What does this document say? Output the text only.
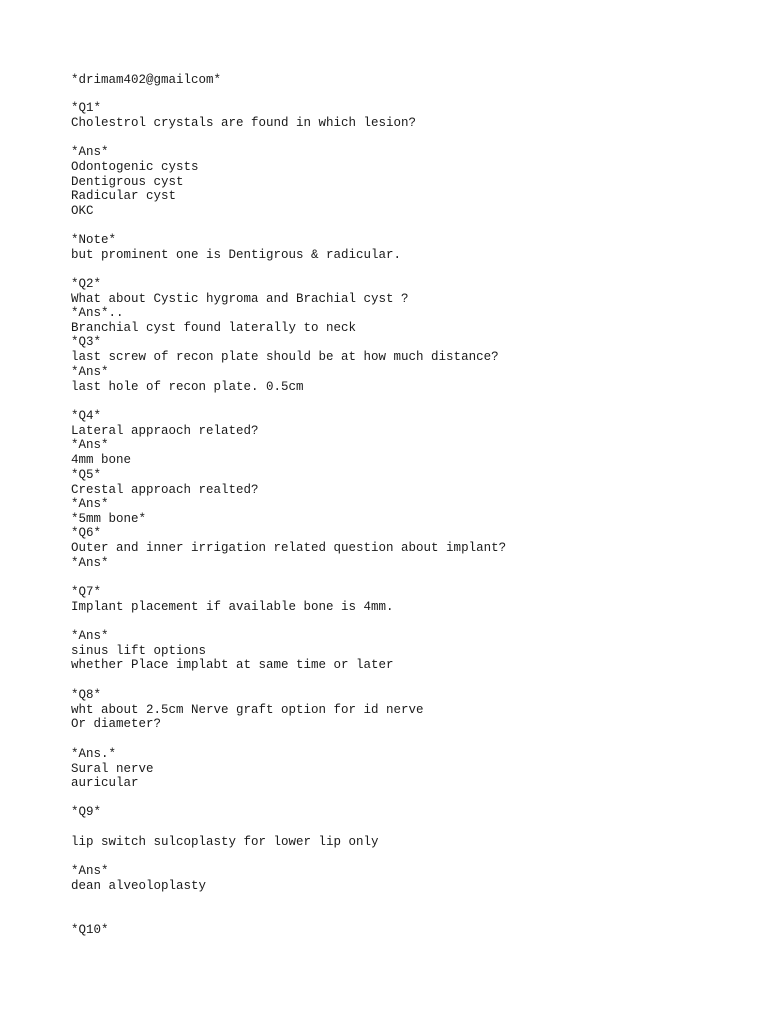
*drimam402@gmailcom*
*Q1*
Cholestrol crystals are found in which lesion?
*Ans*
Odontogenic cysts
Dentigrous cyst
Radicular cyst
OKC
*Note*
but prominent one is Dentigrous & radicular.
*Q2*
What about Cystic hygroma and Brachial cyst ?
*Ans*..
Branchial cyst found laterally to neck
*Q3*
last screw of recon plate should be at how much distance?
*Ans*
last hole of recon plate. 0.5cm
*Q4*
Lateral appraoch related?
*Ans*
4mm bone
*Q5*
Crestal approach realted?
*Ans*
*5mm bone*
*Q6*
Outer and inner irrigation related question about implant?
*Ans*
*Q7*
Implant placement if available bone is 4mm.
*Ans*
sinus lift options
whether Place implabt at same time or later
*Q8*
wht about 2.5cm Nerve graft option for id nerve
Or diameter?
*Ans.*
Sural nerve
auricular
*Q9*
lip switch sulcoplasty for lower lip only
*Ans*
dean alveoloplasty
*Q10*
